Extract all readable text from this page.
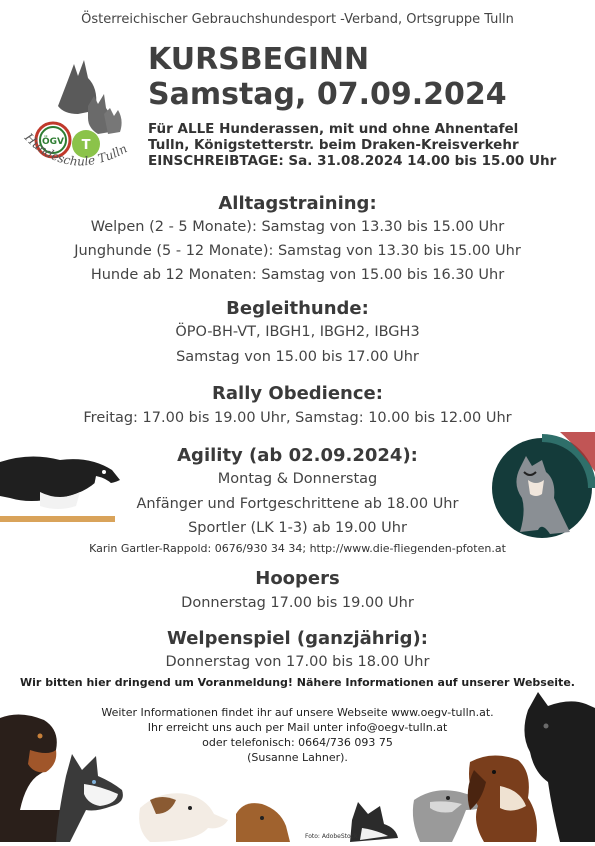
Österreichischer Gebrauchshundesport -Verband, Ortsgruppe Tulln
ÖGV T
Hundeschule Tulln
KURSBEGINN
Samstag, 07.09.2024
Für ALLE Hunderassen, mit und ohne Ahnentafel
Tulln, Königstetterstr. beim Draken-Kreisverkehr
EINSCHREIBTAGE: Sa. 31.08.2024 14.00 bis 15.00 Uhr
Alltagstraining:
Welpen (2 - 5 Monate): Samstag von 13.30 bis 15.00 Uhr
Junghunde (5 - 12 Monate): Samstag von 13.30 bis 15.00 Uhr
Hunde ab 12 Monaten: Samstag von 15.00 bis 16.30 Uhr
Begleithunde:
ÖPO-BH-VT, IBGH1, IBGH2, IBGH3
Samstag von 15.00 bis 17.00 Uhr
Rally Obedience:
Freitag: 17.00 bis 19.00 Uhr, Samstag: 10.00 bis 12.00 Uhr
Agility (ab 02.09.2024):
Montag & Donnerstag
Anfänger und Fortgeschrittene ab 18.00 Uhr
Sportler (LK 1-3) ab 19.00 Uhr
Karin Gartler-Rappold: 0676/930 34 34; http://www.die-fliegenden-pfoten.at
Hoopers
Donnerstag 17.00 bis 19.00 Uhr
Welpenspiel (ganzjährig):
Donnerstag von 17.00 bis 18.00 Uhr
Wir bitten hier dringend um Voranmeldung! Nähere Informationen auf unserer Webseite.
Weiter Informationen findet ihr auf unsere Webseite www.oegv-tulln.at.
Ihr erreicht uns auch per Mail unter info@oegv-tulln.at
oder telefonisch: 0664/736 093 75
(Susanne Lahner).
Foto: AdobeStock
